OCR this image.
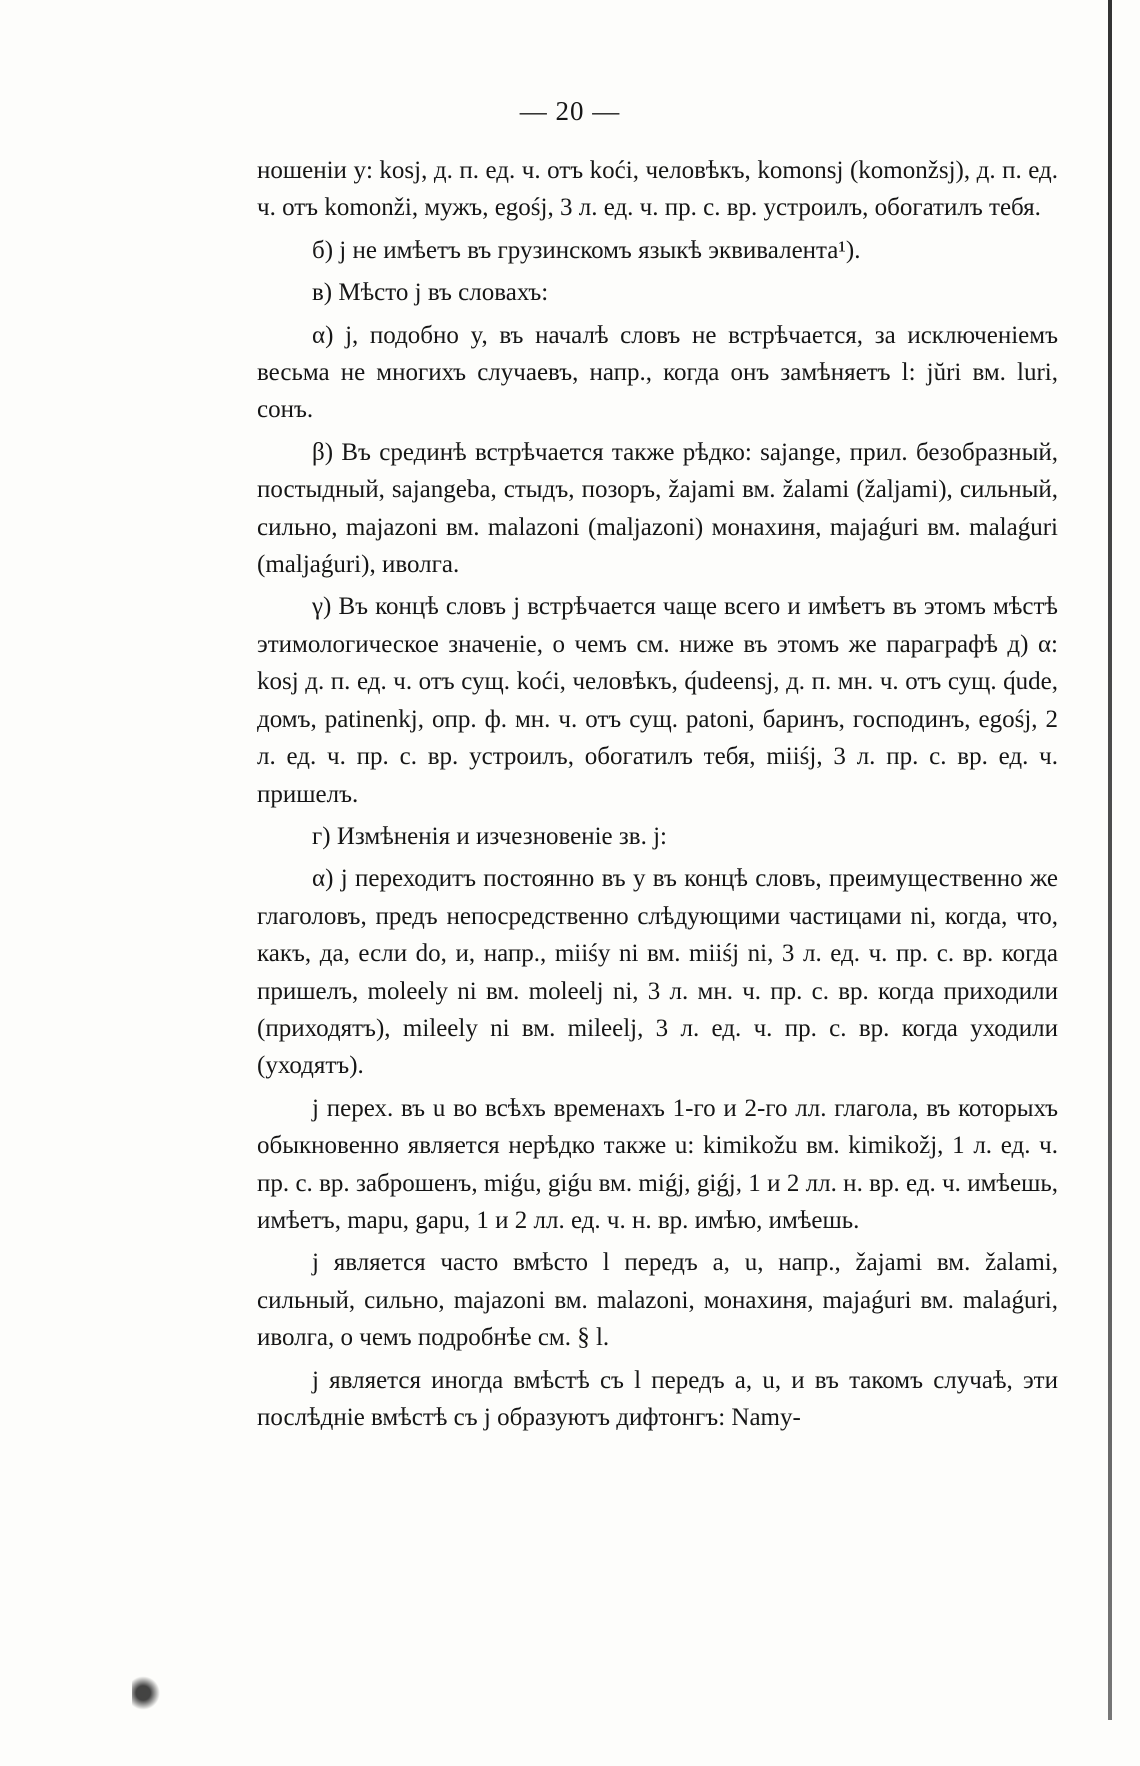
— 20 —

ношеніи y: kosj, д. п. ед. ч. отъ koći, человѣкъ, komonsj (komonžsj), д. п. ед. ч. отъ komonži, мужъ, egośj, 3 л. ед. ч. пр. с. вр. устроилъ, обогатилъ тебя.

б) j не имѣетъ въ грузинскомъ языкѣ эквивалента¹).

в) Мѣсто j въ словахъ:

α) j, подобно y, въ началѣ словъ не встрѣчается, за исключеніемъ весьма не многихъ случаевъ, напр., когда онъ замѣняетъ l: jŭri вм. luri, сонъ.

β) Въ срединѣ встрѣчается также рѣдко: sajange, прил. безобразный, постыдный, sajangeba, стыдъ, позоръ, žajami вм. žalami (žaljami), сильный, сильно, majazoni вм. malazoni (maljazoni) монахиня, majaǵuri вм. malaǵuri (maljaǵuri), иволга.

γ) Въ концѣ словъ j встрѣчается чаще всего и имѣетъ въ этомъ мѣстѣ этимологическое значеніе, о чемъ см. ниже въ этомъ же параграфѣ д) α: kosj д. п. ед. ч. отъ сущ. koći, человѣкъ, q́udeensj, д. п. мн. ч. отъ сущ. q́ude, домъ, patinenkj, опр. ф. мн. ч. отъ сущ. patoni, баринъ, господинъ, egośj, 2 л. ед. ч. пр. с. вр. устроилъ, обогатилъ тебя, miiśj, 3 л. пр. с. вр. ед. ч. пришелъ.

г) Измѣненія и изчезновеніе зв. j:

α) j переходитъ постоянно въ y въ концѣ словъ, преимущественно же глаголовъ, предъ непосредственно слѣдующими частицами ni, когда, что, какъ, да, если do, и, напр., miiśy ni вм. miiśj ni, 3 л. ед. ч. пр. с. вр. когда пришелъ, moleely ni вм. moleelj ni, 3 л. мн. ч. пр. с. вр. когда приходили (приходятъ), mileely ni вм. mileelj, 3 л. ед. ч. пр. с. вр. когда уходили (уходятъ).

j перех. въ u во всѣхъ временахъ 1-го и 2-го лл. глагола, въ которыхъ обыкновенно является нерѣдко также u: kimikožu вм. kimikožj, 1 л. ед. ч. пр. с. вр. заброшенъ, miǵu, giǵu вм. miǵj, giǵj, 1 и 2 лл. н. вр. ед. ч. имѣешь, имѣетъ, mapu, gapu, 1 и 2 лл. ед. ч. н. вр. имѣю, имѣешь.

j является часто вмѣсто l передъ a, u, напр., žajami вм. žalami, сильный, сильно, majazoni вм. malazoni, монахиня, majaǵuri вм. malaǵuri, иволга, о чемъ подробнѣе см. § l.

j является иногда вмѣстѣ съ l передъ a, u, и въ такомъ случаѣ, эти послѣдніе вмѣстѣ съ j образуютъ дифтонгъ: Namy-
